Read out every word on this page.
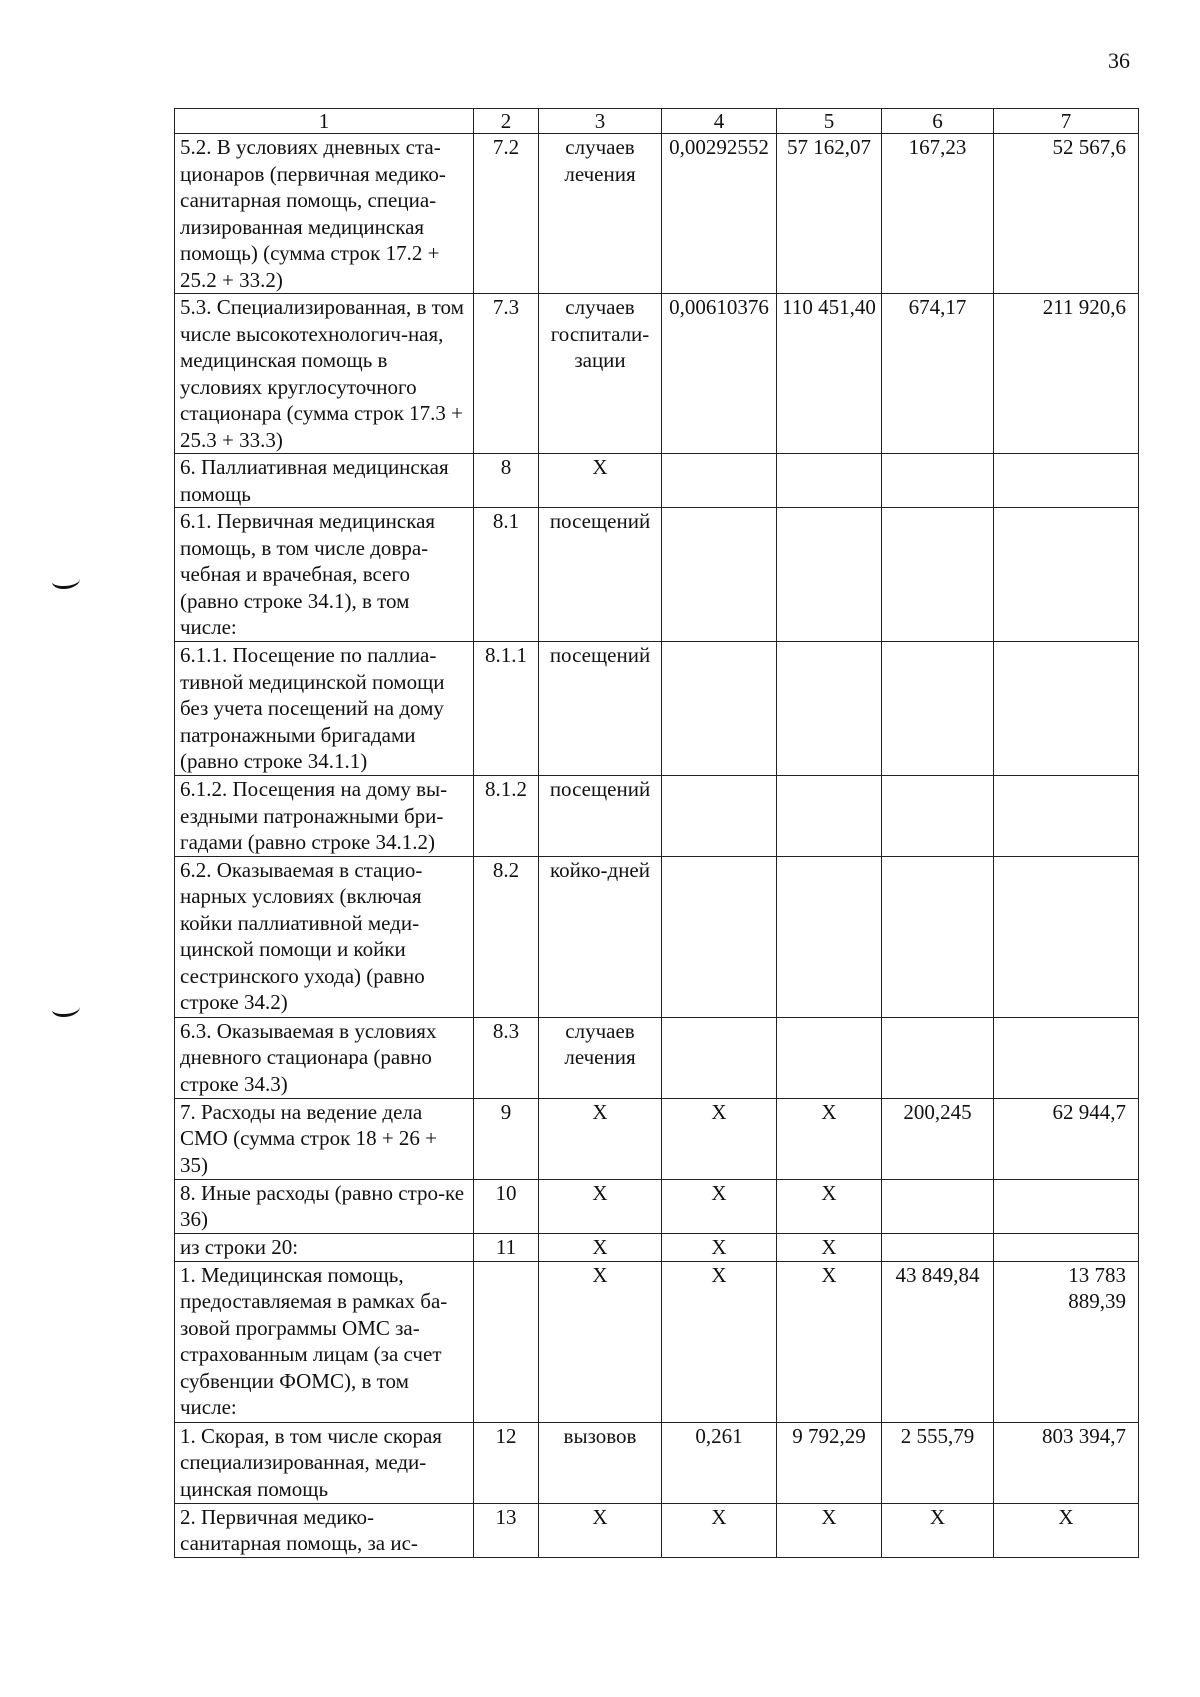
36
1	2	3	4	5	6	7
5.2. В условиях дневных ста-ционаров (первичная медико-санитарная помощь, специа-лизированная медицинская помощь) (сумма строк 17.2 + 25.2 + 33.2)	7.2	случаев лечения	0,00292552	57 162,07	167,23	52 567,6
5.3. Специализированная, в том числе высокотехнологич-ная, медицинская помощь в условиях круглосуточного стационара (сумма строк 17.3 + 25.3 + 33.3)	7.3	случаев госпитали-зации	0,00610376	110 451,40	674,17	211 920,6
6. Паллиативная медицинская помощь	8	Х				
6.1. Первичная медицинская помощь, в том числе довра-чебная и врачебная, всего (равно строке 34.1), в том числе:	8.1	посещений				
6.1.1. Посещение по паллиа-тивной медицинской помощи без учета посещений на дому патронажными бригадами (равно строке 34.1.1)	8.1.1	посещений				
6.1.2. Посещения на дому вы-ездными патронажными бри-гадами (равно строке 34.1.2)	8.1.2	посещений				
6.2. Оказываемая в стацио-нарных условиях (включая койки паллиативной меди-цинской помощи и койки сестринского ухода) (равно строке 34.2)	8.2	койко-дней				
6.3. Оказываемая в условиях дневного стационара (равно строке 34.3)	8.3	случаев лечения				
7. Расходы на ведение дела СМО (сумма строк 18 + 26 + 35)	9	Х	Х	Х	200,245	62 944,7
8. Иные расходы (равно стро-ке 36)	10	Х	Х	Х		
из строки 20:	11	Х	Х	Х		
1. Медицинская помощь, предоставляемая в рамках ба-зовой программы ОМС за-страхованным лицам (за счет субвенции ФОМС), в том числе:		Х	Х	Х	43 849,84	13 783 889,39
1. Скорая, в том числе скорая специализированная, меди-цинская помощь	12	вызовов	0,261	9 792,29	2 555,79	803 394,7
2. Первичная медико-санитарная помощь, за ис-	13	Х	Х	Х	Х	Х
